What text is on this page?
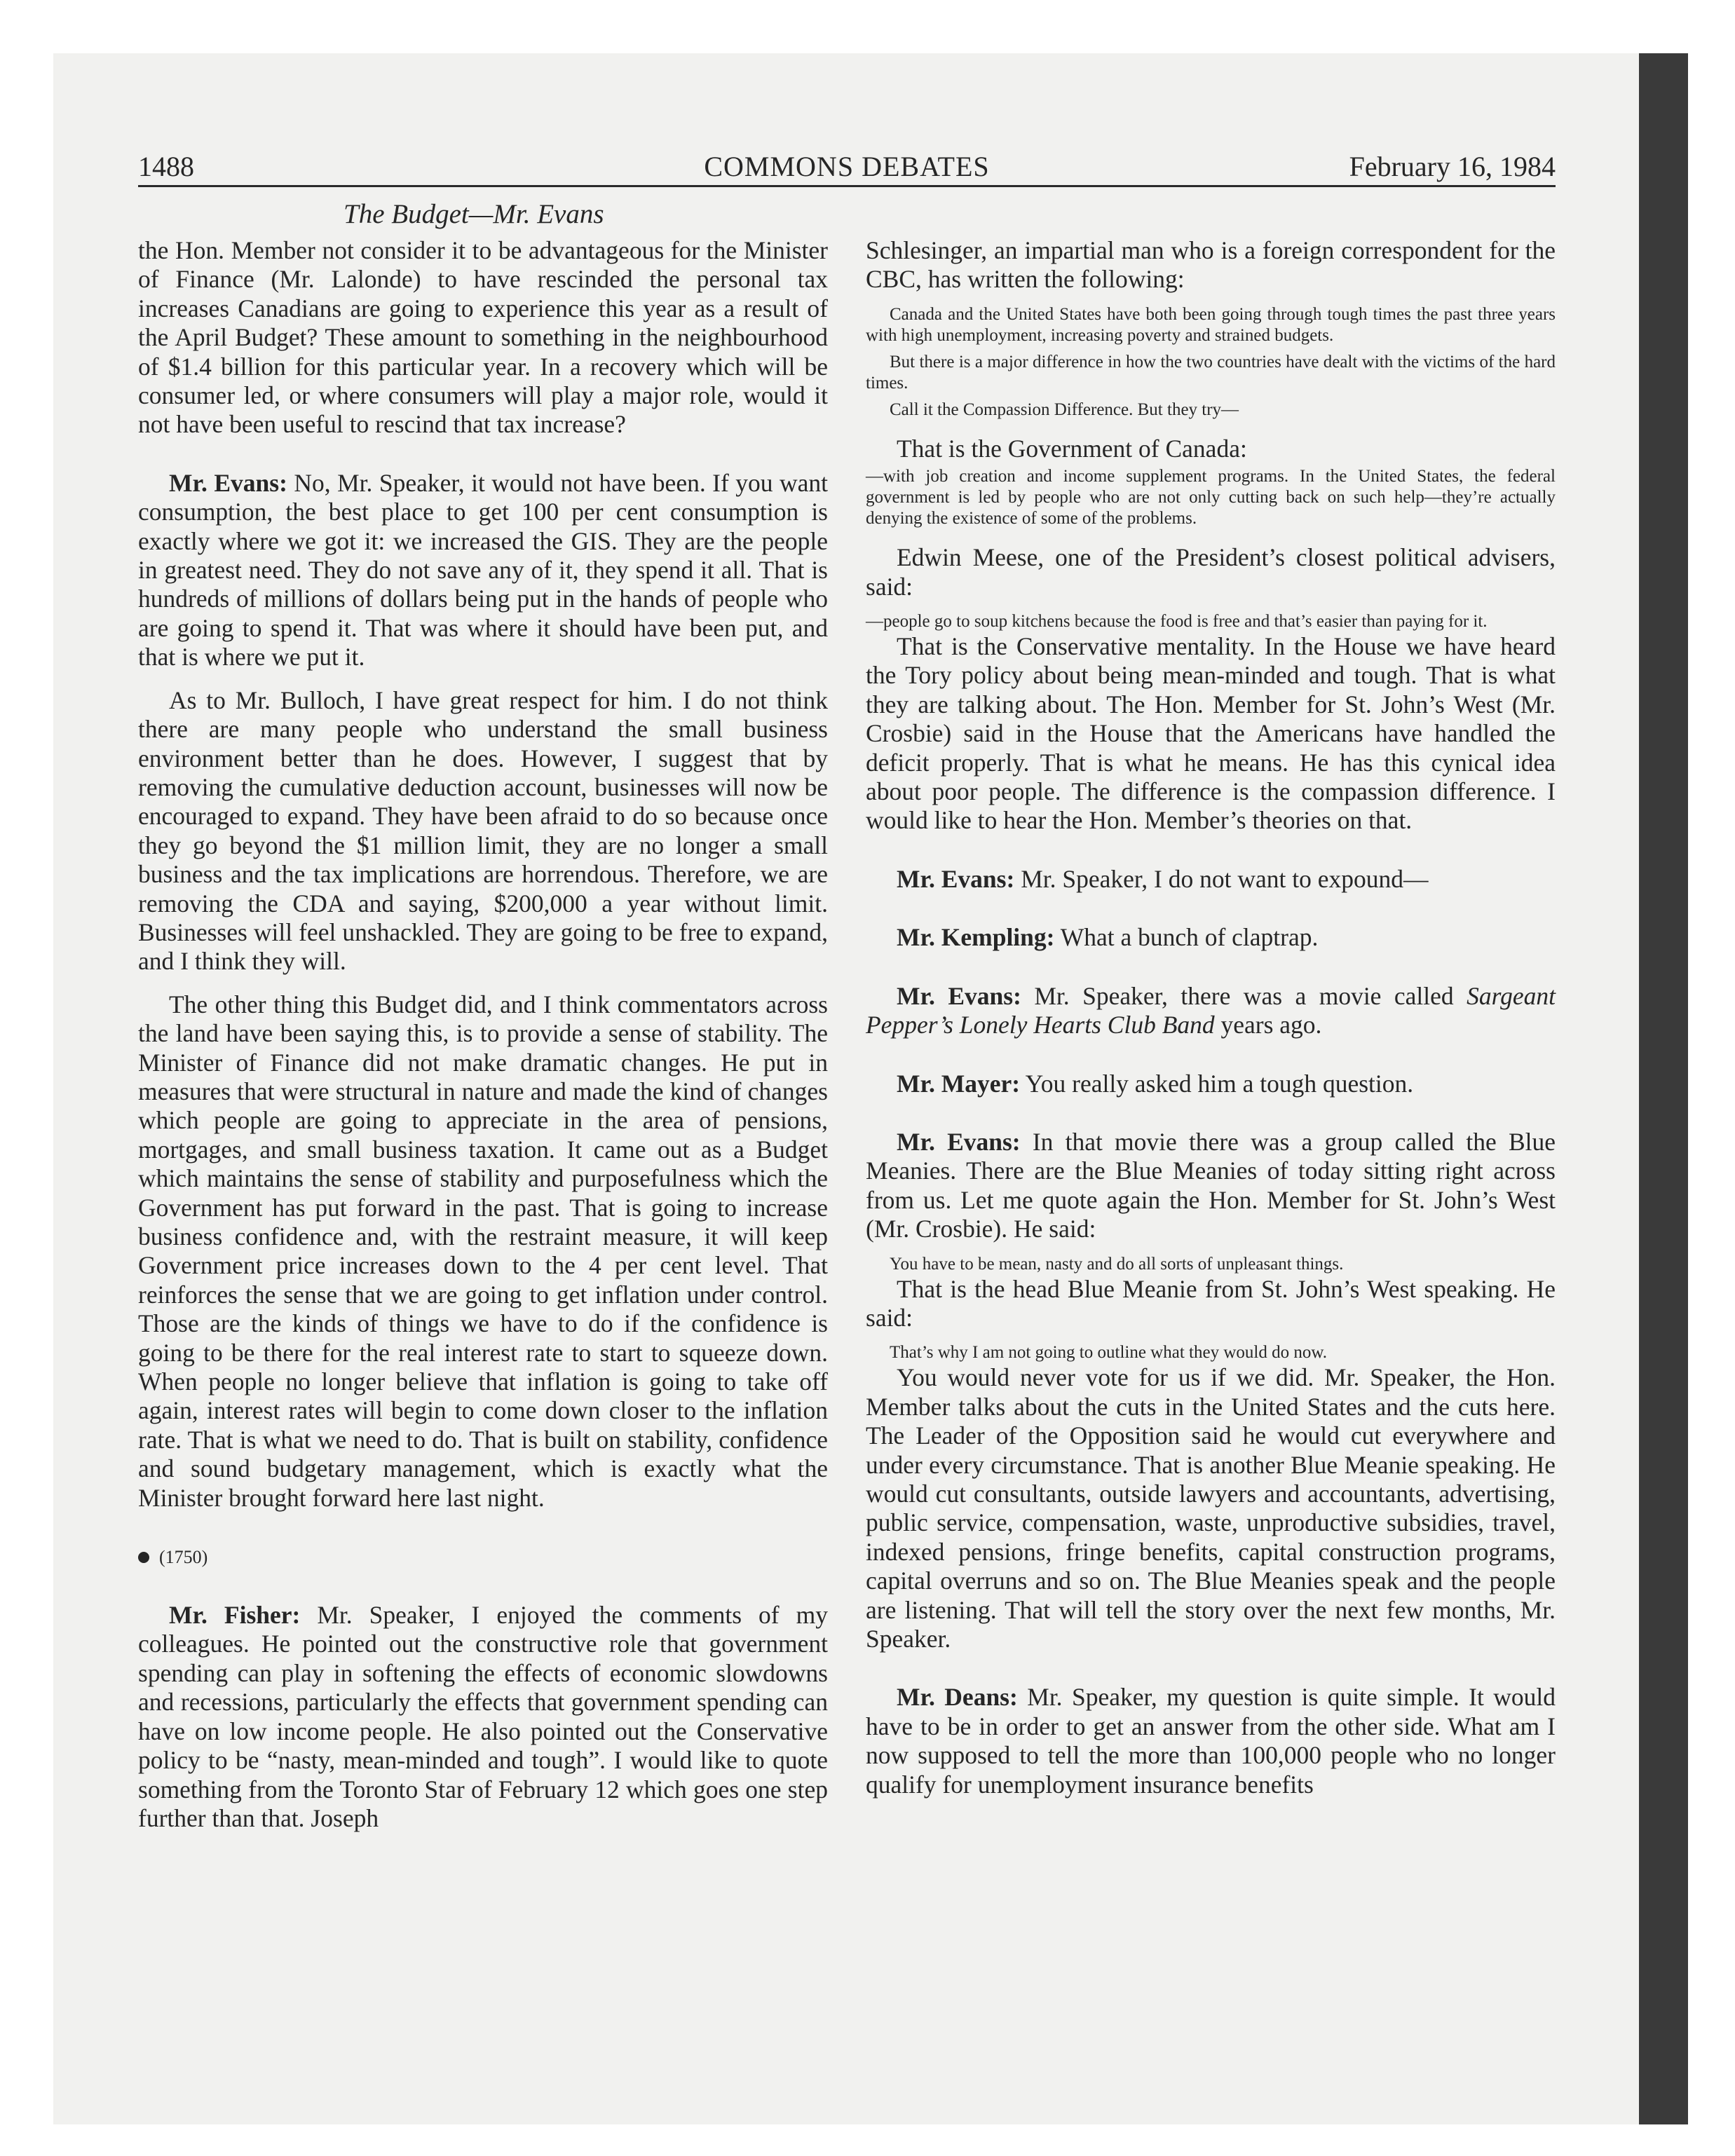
1488	COMMONS DEBATES	February 16, 1984
The Budget—Mr. Evans

the Hon. Member not consider it to be advantageous for the Minister of Finance (Mr. Lalonde) to have rescinded the personal tax increases Canadians are going to experience this year as a result of the April Budget? These amount to something in the neighbourhood of $1.4 billion for this particular year. In a recovery which will be consumer led, or where consumers will play a major role, would it not have been useful to rescind that tax increase?

Mr. Evans: No, Mr. Speaker, it would not have been. If you want consumption, the best place to get 100 per cent consumption is exactly where we got it: we increased the GIS. They are the people in greatest need. They do not save any of it, they spend it all. That is hundreds of millions of dollars being put in the hands of people who are going to spend it. That was where it should have been put, and that is where we put it.

As to Mr. Bulloch, I have great respect for him. I do not think there are many people who understand the small business environment better than he does. However, I suggest that by removing the cumulative deduction account, businesses will now be encouraged to expand. They have been afraid to do so because once they go beyond the $1 million limit, they are no longer a small business and the tax implications are horrendous. Therefore, we are removing the CDA and saying, $200,000 a year without limit. Businesses will feel unshackled. They are going to be free to expand, and I think they will.

The other thing this Budget did, and I think commentators across the land have been saying this, is to provide a sense of stability. The Minister of Finance did not make dramatic changes. He put in measures that were structural in nature and made the kind of changes which people are going to appreciate in the area of pensions, mortgages, and small business taxation. It came out as a Budget which maintains the sense of stability and purposefulness which the Government has put forward in the past. That is going to increase business confidence and, with the restraint measure, it will keep Government price increases down to the 4 per cent level. That reinforces the sense that we are going to get inflation under control. Those are the kinds of things we have to do if the confidence is going to be there for the real interest rate to start to squeeze down. When people no longer believe that inflation is going to take off again, interest rates will begin to come down closer to the inflation rate. That is what we need to do. That is built on stability, confidence and sound budgetary management, which is exactly what the Minister brought forward here last night.

(1750)

Mr. Fisher: Mr. Speaker, I enjoyed the comments of my colleagues. He pointed out the constructive role that government spending can play in softening the effects of economic slowdowns and recessions, particularly the effects that government spending can have on low income people. He also pointed out the Conservative policy to be “nasty, mean-minded and tough”. I would like to quote something from the Toronto Star of February 12 which goes one step further than that. Joseph

Schlesinger, an impartial man who is a foreign correspondent for the CBC, has written the following:

Canada and the United States have both been going through tough times the past three years with high unemployment, increasing poverty and strained budgets.

But there is a major difference in how the two countries have dealt with the victims of the hard times.

Call it the Compassion Difference. But they try—

That is the Government of Canada:

—with job creation and income supplement programs. In the United States, the federal government is led by people who are not only cutting back on such help—they’re actually denying the existence of some of the problems.

Edwin Meese, one of the President’s closest political advisers, said:

—people go to soup kitchens because the food is free and that’s easier than paying for it.

That is the Conservative mentality. In the House we have heard the Tory policy about being mean-minded and tough. That is what they are talking about. The Hon. Member for St. John’s West (Mr. Crosbie) said in the House that the Americans have handled the deficit properly. That is what he means. He has this cynical idea about poor people. The difference is the compassion difference. I would like to hear the Hon. Member’s theories on that.

Mr. Evans: Mr. Speaker, I do not want to expound—

Mr. Kempling: What a bunch of claptrap.

Mr. Evans: Mr. Speaker, there was a movie called Sargeant Pepper’s Lonely Hearts Club Band years ago.

Mr. Mayer: You really asked him a tough question.

Mr. Evans: In that movie there was a group called the Blue Meanies. There are the Blue Meanies of today sitting right across from us. Let me quote again the Hon. Member for St. John’s West (Mr. Crosbie). He said:

You have to be mean, nasty and do all sorts of unpleasant things.

That is the head Blue Meanie from St. John’s West speaking. He said:

That’s why I am not going to outline what they would do now.

You would never vote for us if we did. Mr. Speaker, the Hon. Member talks about the cuts in the United States and the cuts here. The Leader of the Opposition said he would cut everywhere and under every circumstance. That is another Blue Meanie speaking. He would cut consultants, outside lawyers and accountants, advertising, public service, compensation, waste, unproductive subsidies, travel, indexed pensions, fringe benefits, capital construction programs, capital overruns and so on. The Blue Meanies speak and the people are listening. That will tell the story over the next few months, Mr. Speaker.

Mr. Deans: Mr. Speaker, my question is quite simple. It would have to be in order to get an answer from the other side. What am I now supposed to tell the more than 100,000 people who no longer qualify for unemployment insurance benefits
